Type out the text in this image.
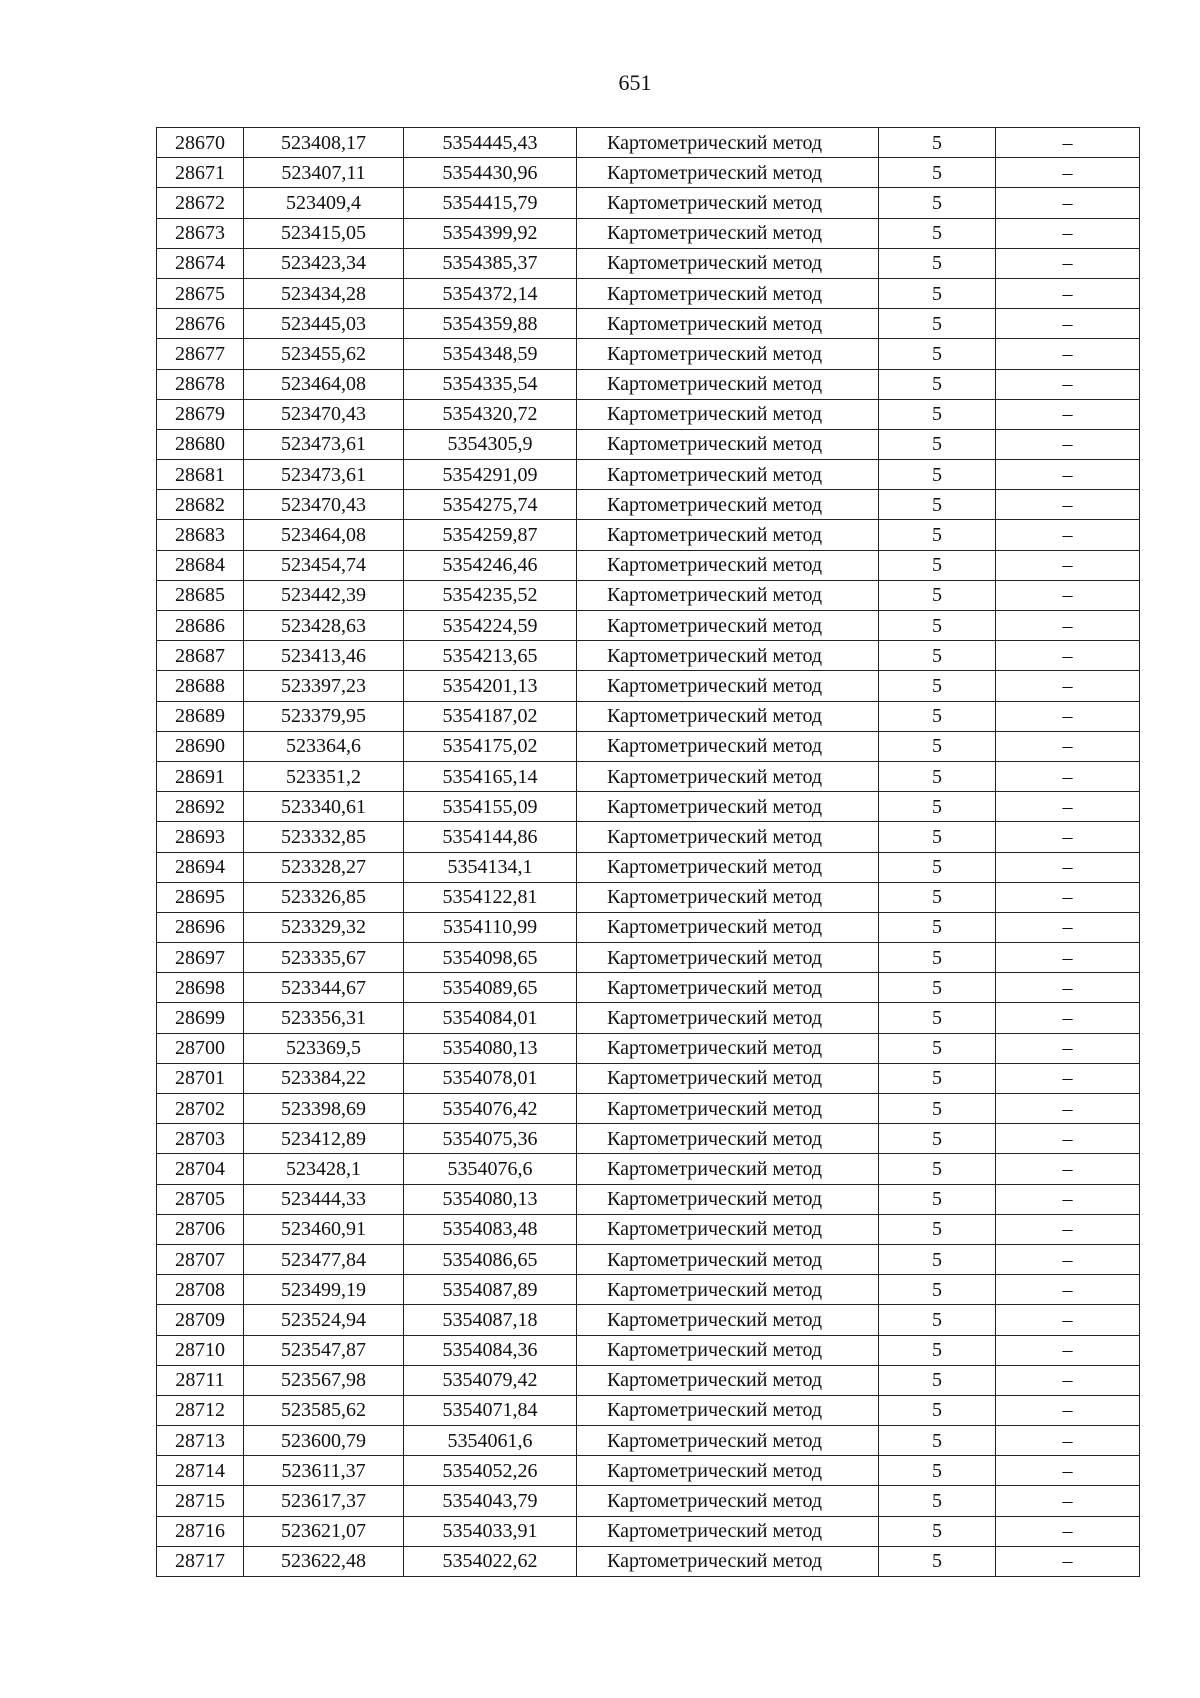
651
28670	523408,17	5354445,43	Картометрический метод	5	–
28671	523407,11	5354430,96	Картометрический метод	5	–
28672	523409,4	5354415,79	Картометрический метод	5	–
28673	523415,05	5354399,92	Картометрический метод	5	–
28674	523423,34	5354385,37	Картометрический метод	5	–
28675	523434,28	5354372,14	Картометрический метод	5	–
28676	523445,03	5354359,88	Картометрический метод	5	–
28677	523455,62	5354348,59	Картометрический метод	5	–
28678	523464,08	5354335,54	Картометрический метод	5	–
28679	523470,43	5354320,72	Картометрический метод	5	–
28680	523473,61	5354305,9	Картометрический метод	5	–
28681	523473,61	5354291,09	Картометрический метод	5	–
28682	523470,43	5354275,74	Картометрический метод	5	–
28683	523464,08	5354259,87	Картометрический метод	5	–
28684	523454,74	5354246,46	Картометрический метод	5	–
28685	523442,39	5354235,52	Картометрический метод	5	–
28686	523428,63	5354224,59	Картометрический метод	5	–
28687	523413,46	5354213,65	Картометрический метод	5	–
28688	523397,23	5354201,13	Картометрический метод	5	–
28689	523379,95	5354187,02	Картометрический метод	5	–
28690	523364,6	5354175,02	Картометрический метод	5	–
28691	523351,2	5354165,14	Картометрический метод	5	–
28692	523340,61	5354155,09	Картометрический метод	5	–
28693	523332,85	5354144,86	Картометрический метод	5	–
28694	523328,27	5354134,1	Картометрический метод	5	–
28695	523326,85	5354122,81	Картометрический метод	5	–
28696	523329,32	5354110,99	Картометрический метод	5	–
28697	523335,67	5354098,65	Картометрический метод	5	–
28698	523344,67	5354089,65	Картометрический метод	5	–
28699	523356,31	5354084,01	Картометрический метод	5	–
28700	523369,5	5354080,13	Картометрический метод	5	–
28701	523384,22	5354078,01	Картометрический метод	5	–
28702	523398,69	5354076,42	Картометрический метод	5	–
28703	523412,89	5354075,36	Картометрический метод	5	–
28704	523428,1	5354076,6	Картометрический метод	5	–
28705	523444,33	5354080,13	Картометрический метод	5	–
28706	523460,91	5354083,48	Картометрический метод	5	–
28707	523477,84	5354086,65	Картометрический метод	5	–
28708	523499,19	5354087,89	Картометрический метод	5	–
28709	523524,94	5354087,18	Картометрический метод	5	–
28710	523547,87	5354084,36	Картометрический метод	5	–
28711	523567,98	5354079,42	Картометрический метод	5	–
28712	523585,62	5354071,84	Картометрический метод	5	–
28713	523600,79	5354061,6	Картометрический метод	5	–
28714	523611,37	5354052,26	Картометрический метод	5	–
28715	523617,37	5354043,79	Картометрический метод	5	–
28716	523621,07	5354033,91	Картометрический метод	5	–
28717	523622,48	5354022,62	Картометрический метод	5	–
